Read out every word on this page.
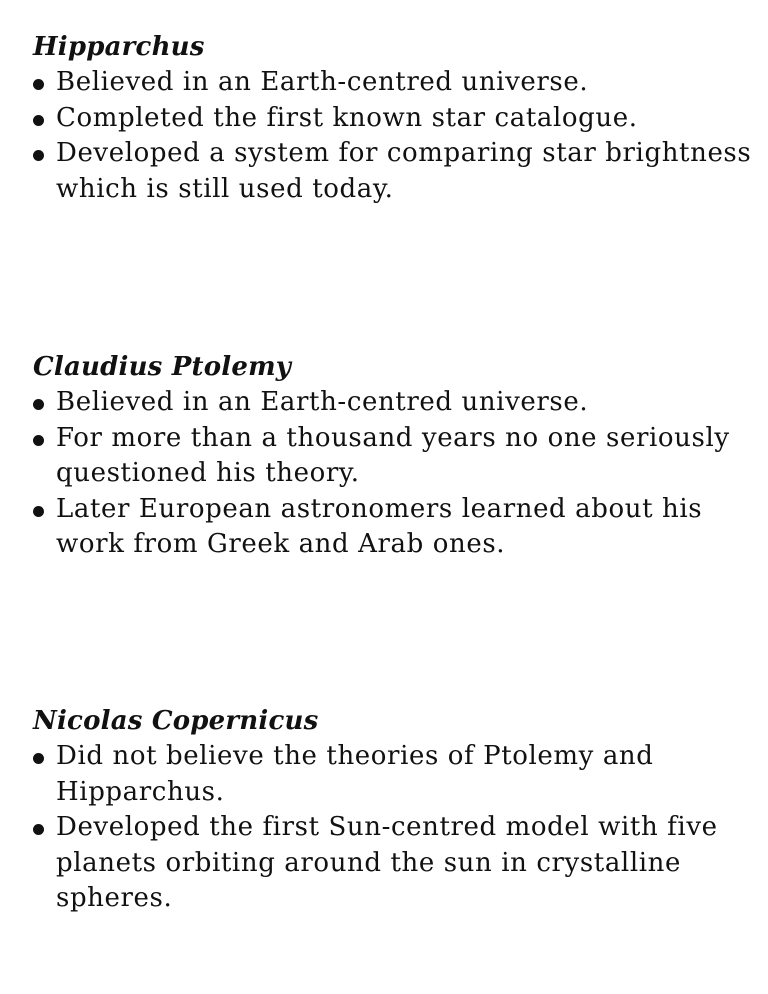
Hipparchus
Believed in an Earth-centred universe.
Completed the first known star catalogue.
Developed a system for comparing star brightness which is still used today.
Claudius Ptolemy
Believed in an Earth-centred universe.
For more than a thousand years no one seriously questioned his theory.
Later European astronomers learned about his work from Greek and Arab ones.
Nicolas Copernicus
Did not believe the theories of Ptolemy and Hipparchus.
Developed the first Sun-centred model with five planets orbiting around the sun in crystalline spheres.
